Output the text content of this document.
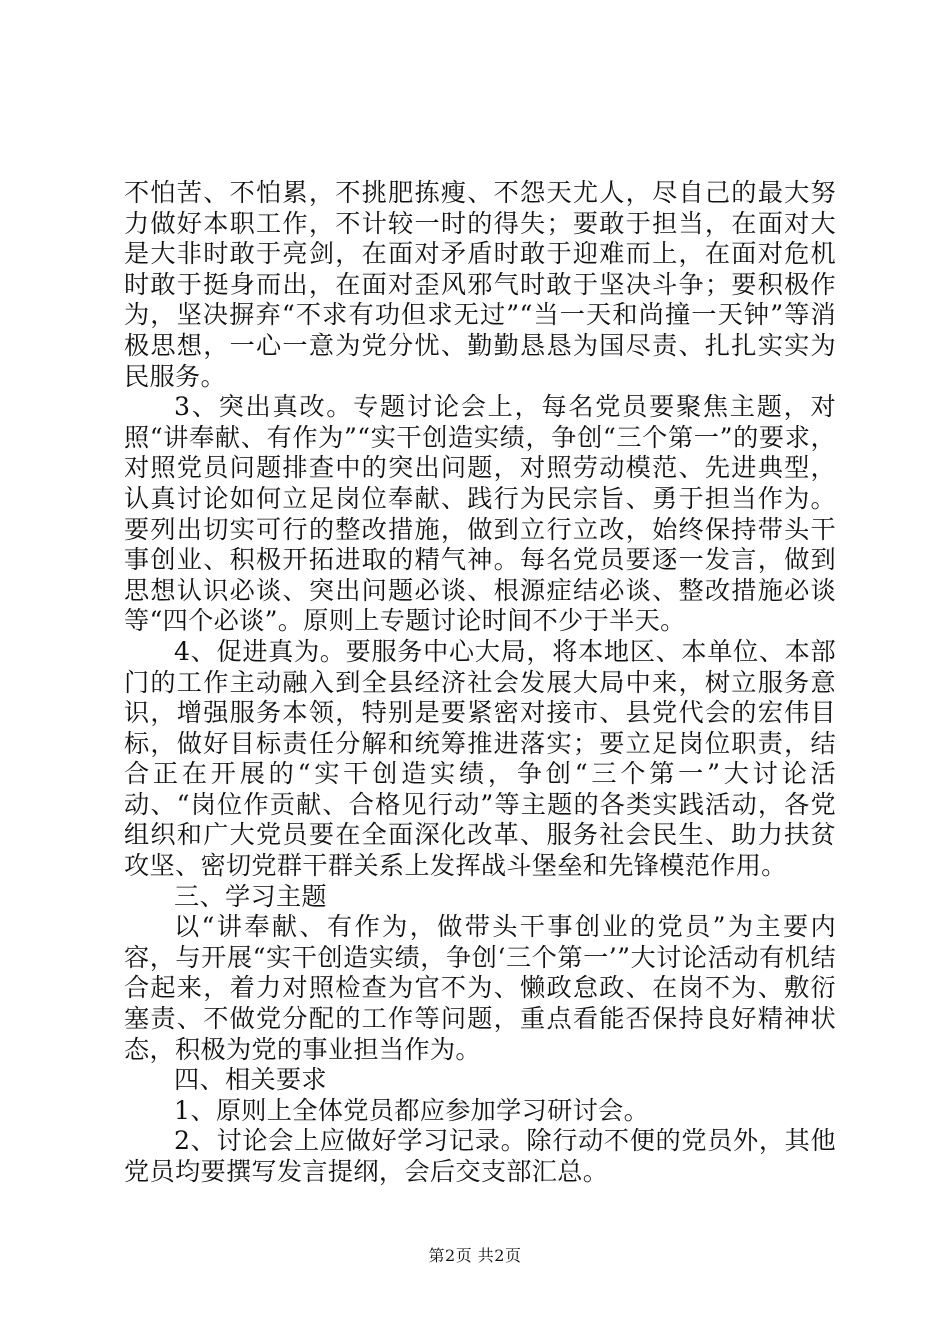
不怕苦、不怕累，不挑肥拣瘦、不怨天尤人，尽自己的最大努力做好本职工作，不计较一时的得失；要敢于担当，在面对大是大非时敢于亮剑，在面对矛盾时敢于迎难而上，在面对危机时敢于挺身而出，在面对歪风邪气时敢于坚决斗争；要积极作为，坚决摒弃“不求有功但求无过”“当一天和尚撞一天钟”等消极思想，一心一意为党分忧、勤勤恳恳为国尽责、扎扎实实为民服务。

3、突出真改。专题讨论会上，每名党员要聚焦主题，对照“讲奉献、有作为”“实干创造实绩，争创“三个第一”的要求，对照党员问题排查中的突出问题，对照劳动模范、先进典型，认真讨论如何立足岗位奉献、践行为民宗旨、勇于担当作为。要列出切实可行的整改措施，做到立行立改，始终保持带头干事创业、积极开拓进取的精气神。每名党员要逐一发言，做到思想认识必谈、突出问题必谈、根源症结必谈、整改措施必谈等“四个必谈”。原则上专题讨论时间不少于半天。

4、促进真为。要服务中心大局，将本地区、本单位、本部门的工作主动融入到全县经济社会发展大局中来，树立服务意识，增强服务本领，特别是要紧密对接市、县党代会的宏伟目标，做好目标责任分解和统筹推进落实；要立足岗位职责，结合正在开展的“实干创造实绩，争创“三个第一”大讨论活动、“岗位作贡献、合格见行动”等主题的各类实践活动，各党组织和广大党员要在全面深化改革、服务社会民生、助力扶贫攻坚、密切党群干群关系上发挥战斗堡垒和先锋模范作用。

三、学习主题

以“讲奉献、有作为，做带头干事创业的党员”为主要内容，与开展“实干创造实绩，争创‘三个第一’”大讨论活动有机结合起来，着力对照检查为官不为、懒政怠政、在岗不为、敷衍塞责、不做党分配的工作等问题，重点看能否保持良好精神状态，积极为党的事业担当作为。

四、相关要求

1、原则上全体党员都应参加学习研讨会。

2、讨论会上应做好学习记录。除行动不便的党员外，其他党员均要撰写发言提纲，会后交支部汇总。

第2页 共2页
